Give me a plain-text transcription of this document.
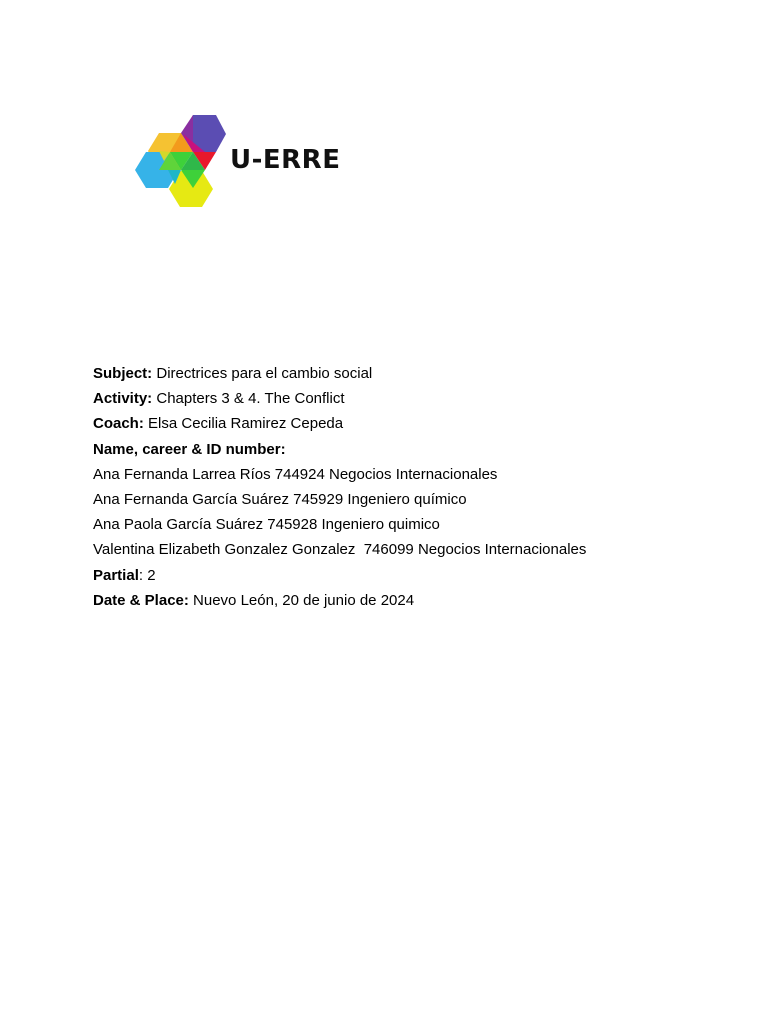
U-ERRE
Subject: Directrices para el cambio social
Activity: Chapters 3 & 4. The Conflict
Coach: Elsa Cecilia Ramirez Cepeda
Name, career & ID number:
Ana Fernanda Larrea Ríos 744924 Negocios Internacionales
Ana Fernanda García Suárez 745929 Ingeniero químico
Ana Paola García Suárez 745928 Ingeniero quimico
Valentina Elizabeth Gonzalez Gonzalez  746099 Negocios Internacionales
Partial: 2
Date & Place: Nuevo León, 20 de junio de 2024
